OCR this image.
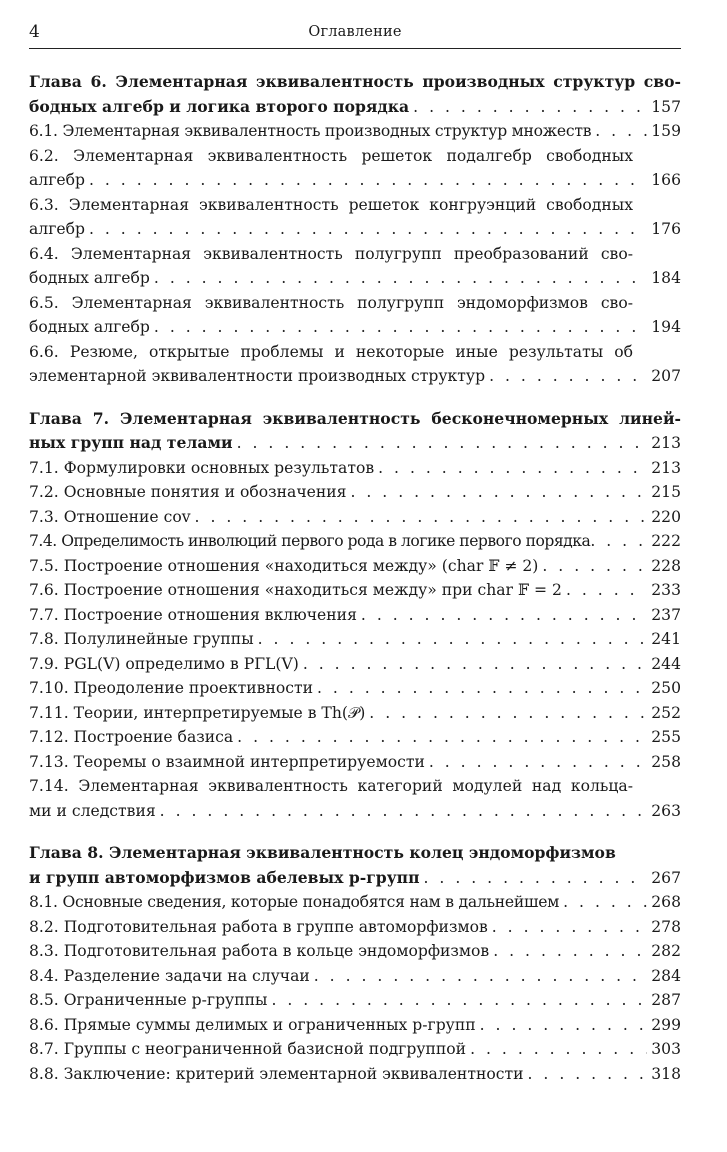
4	Оглавление
Глава 6. Элементарная эквивалентность производных структур сво-
бодных алгебр и логика второго порядка . . .	157
6.1. Элементарная эквивалентность производных структур множеств . . .	159
6.2. Элементарная эквивалентность решеток подалгебр свободных
алгебр . . .	166
6.3. Элементарная эквивалентность решеток конгруэнций свободных
алгебр . . .	176
6.4. Элементарная эквивалентность полугрупп преобразований сво-
бодных алгебр . . .	184
6.5. Элементарная эквивалентность полугрупп эндоморфизмов сво-
бодных алгебр . . .	194
6.6. Резюме, открытые проблемы и некоторые иные результаты об
элементарной эквивалентности производных структур . . .	207
Глава 7. Элементарная эквивалентность бесконечномерных линей-
ных групп над телами . . .	213
7.1. Формулировки основных результатов . . .	213
7.2. Основные понятия и обозначения . . .	215
7.3. Отношение cov . . .	220
7.4. Определимость инволюций первого рода в логике первого порядка . . .	222
7.5. Построение отношения «находиться между» (char 𝔽 ≠ 2) . . .	228
7.6. Построение отношения «находиться между» при char 𝔽 = 2 . . .	233
7.7. Построение отношения включения . . .	237
7.8. Полулинейные группы . . .	241
7.9. PGL(V) определимо в PΓL(V) . . .	244
7.10. Преодоление проективности . . .	250
7.11. Теории, интерпретируемые в Th(𝒫) . . .	252
7.12. Построение базиса . . .	255
7.13. Теоремы о взаимной интерпретируемости . . .	258
7.14. Элементарная эквивалентность категорий модулей над кольца-
ми и следствия . . .	263
Глава 8. Элементарная эквивалентность колец эндоморфизмов
и групп автоморфизмов абелевых p-групп . . .	267
8.1. Основные сведения, которые понадобятся нам в дальнейшем . . .	268
8.2. Подготовительная работа в группе автоморфизмов . . .	278
8.3. Подготовительная работа в кольце эндоморфизмов . . .	282
8.4. Разделение задачи на случаи . . .	284
8.5. Ограниченные p-группы . . .	287
8.6. Прямые суммы делимых и ограниченных p-групп . . .	299
8.7. Группы с неограниченной базисной подгруппой . . .	303
8.8. Заключение: критерий элементарной эквивалентности . . .	318
